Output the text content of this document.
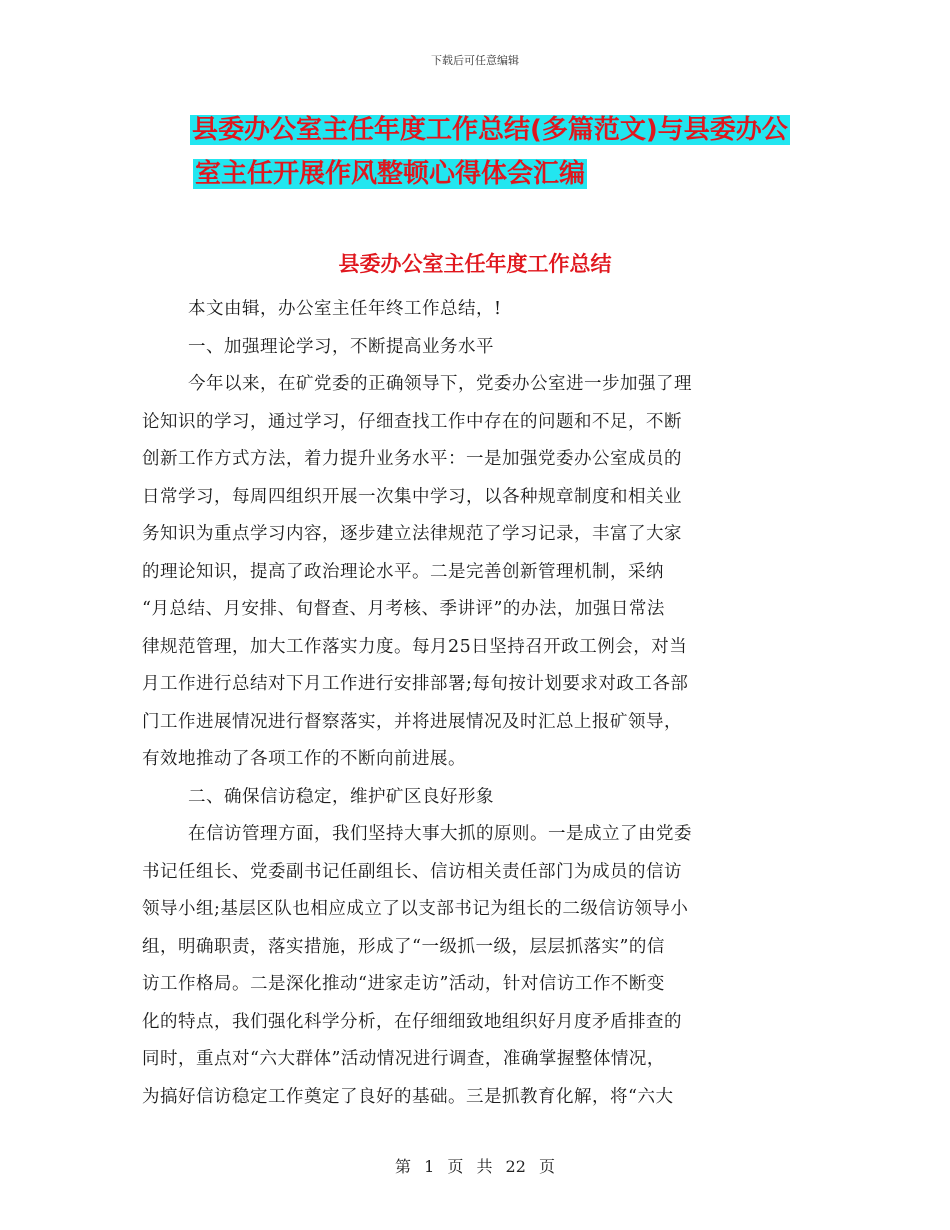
下载后可任意编辑
县委办公室主任年度工作总结(多篇范文)与县委办公
室主任开展作风整顿心得体会汇编
县委办公室主任年度工作总结
本文由辑，办公室主任年终工作总结，!
一、加强理论学习，不断提高业务水平
今年以来，在矿党委的正确领导下，党委办公室进一步加强了理
论知识的学习，通过学习，仔细查找工作中存在的问题和不足，不断
创新工作方式方法，着力提升业务水平：一是加强党委办公室成员的
日常学习，每周四组织开展一次集中学习，以各种规章制度和相关业
务知识为重点学习内容，逐步建立法律规范了学习记录，丰富了大家
的理论知识，提高了政治理论水平。二是完善创新管理机制，采纳
“月总结、月安排、旬督查、月考核、季讲评”的办法，加强日常法
律规范管理，加大工作落实力度。每月25日坚持召开政工例会，对当
月工作进行总结对下月工作进行安排部署;每旬按计划要求对政工各部
门工作进展情况进行督察落实，并将进展情况及时汇总上报矿领导，
有效地推动了各项工作的不断向前进展。
二、确保信访稳定，维护矿区良好形象
在信访管理方面，我们坚持大事大抓的原则。一是成立了由党委
书记任组长、党委副书记任副组长、信访相关责任部门为成员的信访
领导小组;基层区队也相应成立了以支部书记为组长的二级信访领导小
组，明确职责，落实措施，形成了“一级抓一级，层层抓落实”的信
访工作格局。二是深化推动“进家走访”活动，针对信访工作不断变
化的特点，我们强化科学分析，在仔细细致地组织好月度矛盾排查的
同时，重点对“六大群体”活动情况进行调查，准确掌握整体情况，
为搞好信访稳定工作奠定了良好的基础。三是抓教育化解，将“六大
第 1 页 共 22 页
